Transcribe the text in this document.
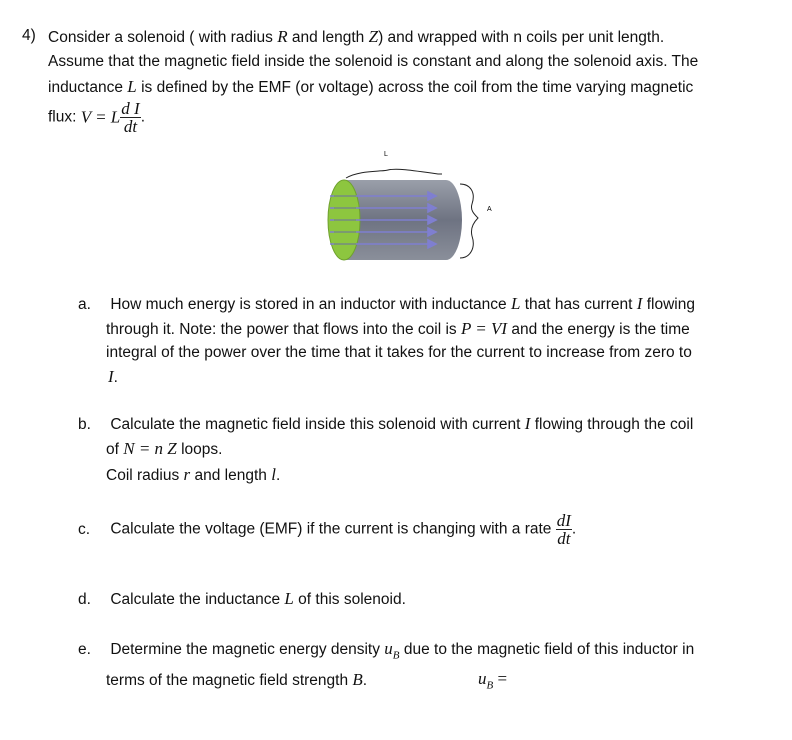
4) Consider a solenoid ( with radius R and length Z) and wrapped with n coils per unit length.
Assume that the magnetic field inside the solenoid is constant and along the solenoid axis. The
inductance L is defined by the EMF (or voltage) across the coil from the time varying magnetic
flux: V = L $\frac{\text{d I}}{dt}$ .
L
A
a. How much energy is stored in an inductor with inductance L that has current I flowing
through it. Note: the power that flows into the coil is P = VI and the energy is the time
integral of the power over the time that it takes for the current to increase from zero to
I.
b. Calculate the magnetic field inside this solenoid with current I flowing through the coil
of N = n Z loops.
Coil radius r and length l.
c. Calculate the voltage (EMF) if the current is changing with a rate $\frac{dI}{dt}$ .
d. Calculate the inductance L of this solenoid.
e. Determine the magnetic energy density $u_B$ due to the magnetic field of this inductor in
terms of the magnetic field strength B.	$u_B$ =
